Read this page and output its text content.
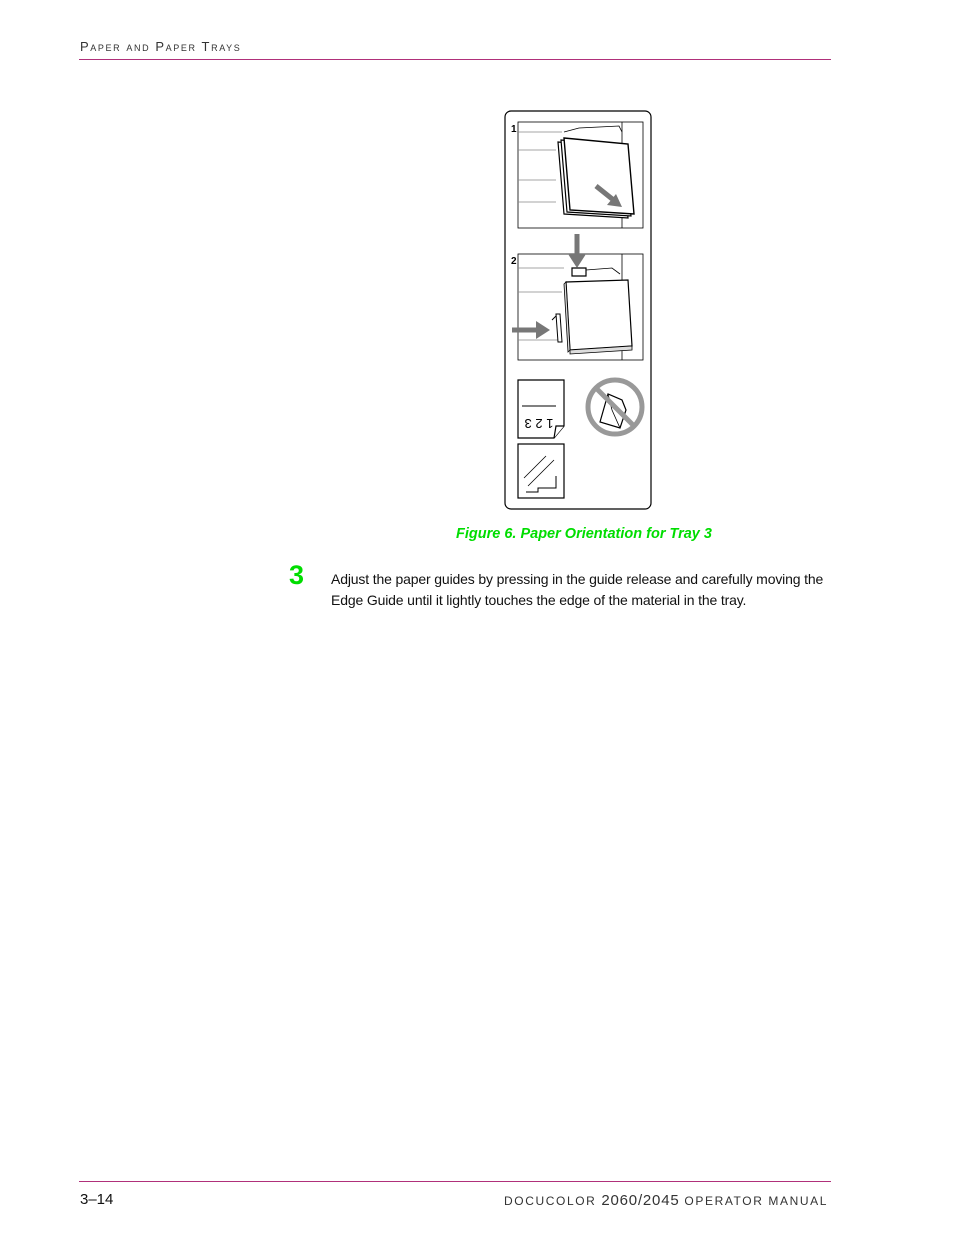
Paper and Paper Trays
1
2
1 2 3
Figure 6. Paper Orientation for Tray 3
3 Adjust the paper guides by pressing in the guide release and carefully moving the Edge Guide until it lightly touches the edge of the material in the tray.
3–14	DOCUCOLOR 2060/2045 OPERATOR MANUAL
